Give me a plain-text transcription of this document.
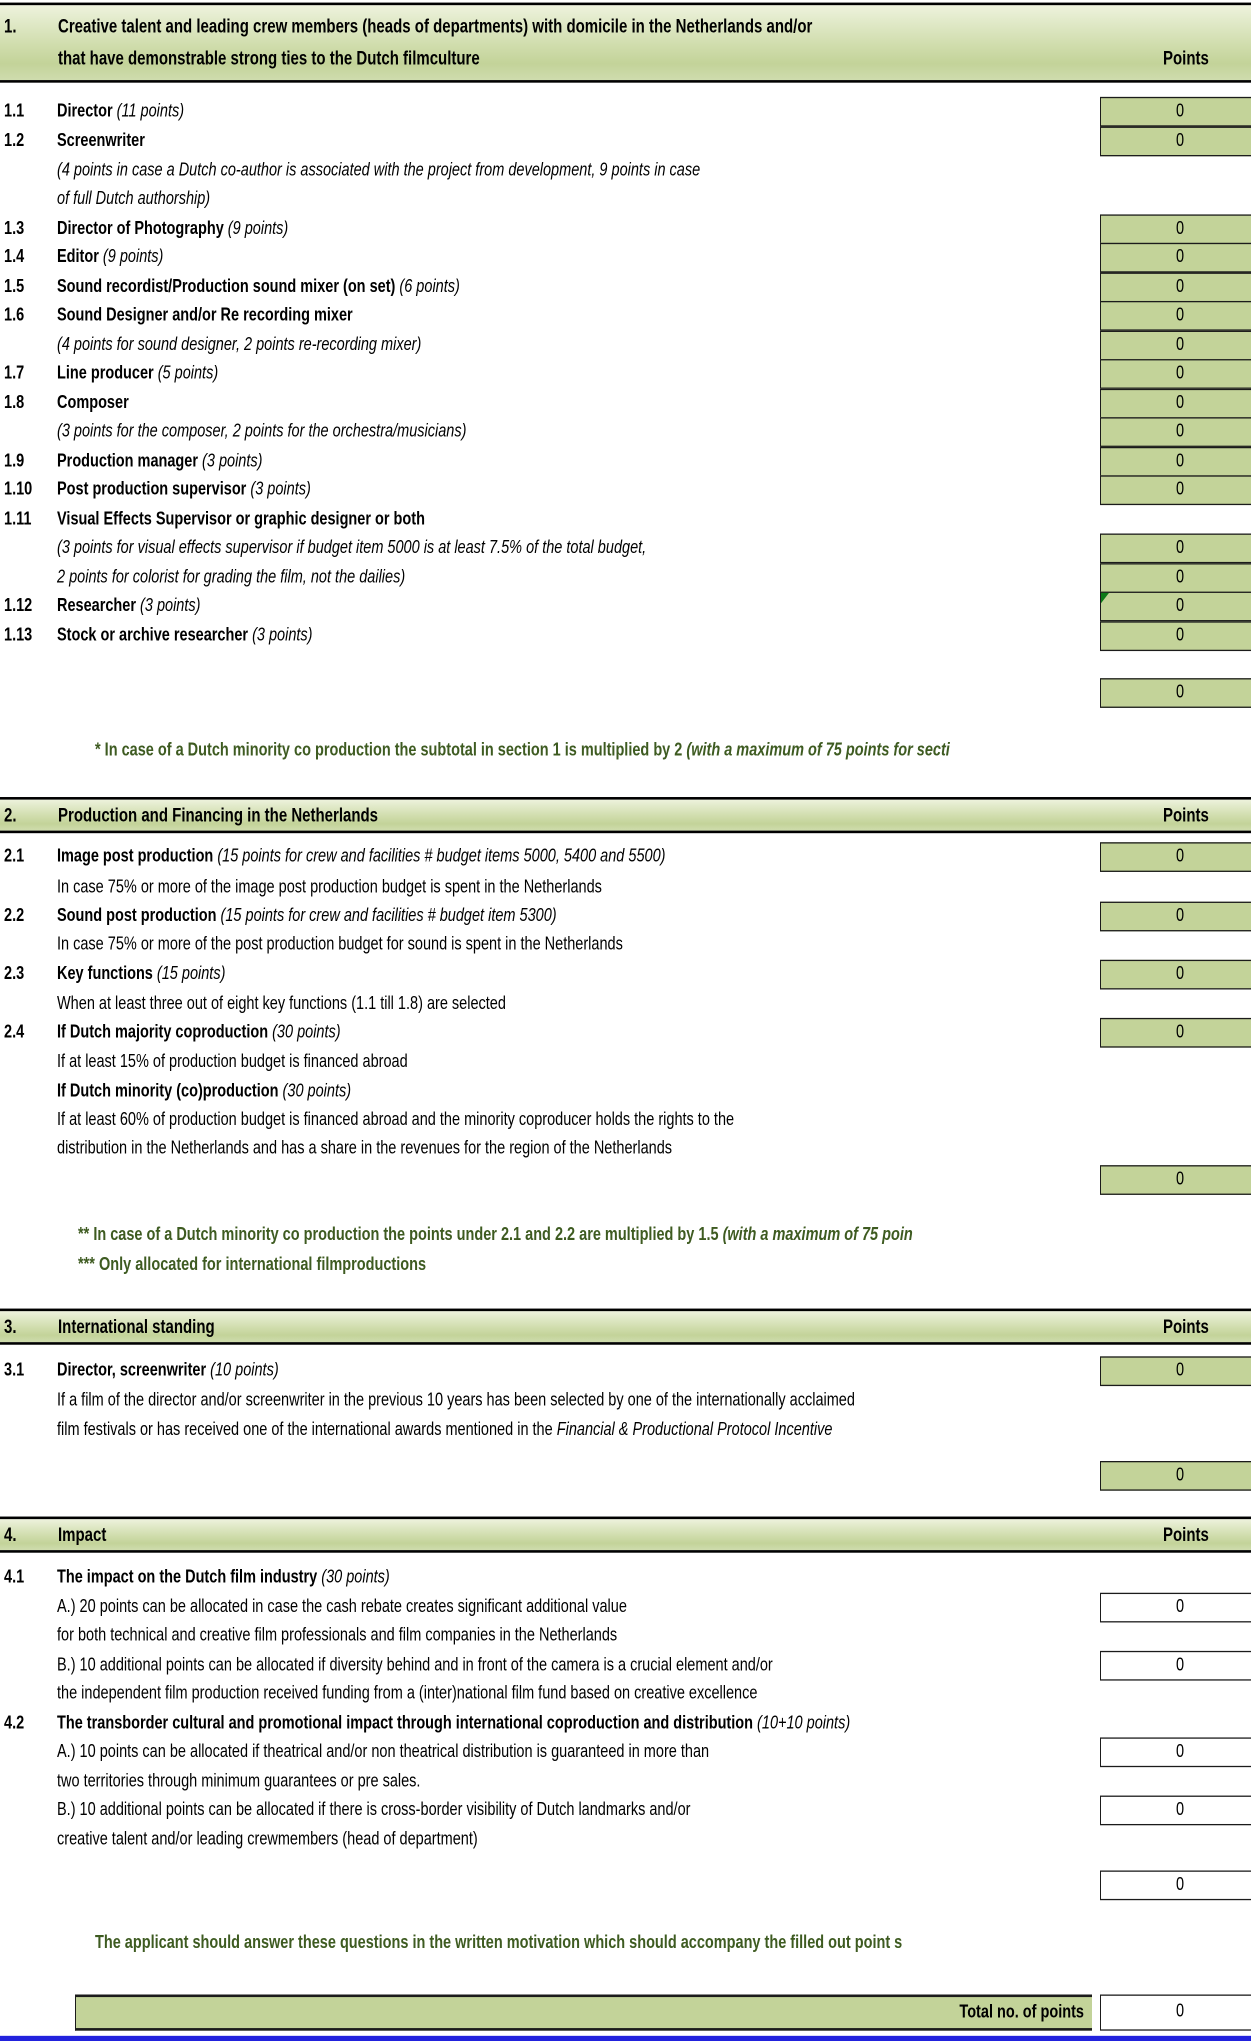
1.	Creative talent and leading crew members (heads of departments) with domicile in the Netherlands and/or
that have demonstrable strong ties to the Dutch filmculture	Points
1.1 Director (11 points)	0
1.2 Screenwriter	0
(4 points in case a Dutch co-author is associated with the project from development, 9 points in case
of full Dutch authorship)
1.3 Director of Photography (9 points)	0
1.4 Editor (9 points)	0
1.5 Sound recordist/Production sound mixer (on set) (6 points)	0
1.6 Sound Designer and/or Re recording mixer	0
(4 points for sound designer, 2 points re-recording mixer)	0
1.7 Line producer (5 points)	0
1.8 Composer	0
(3 points for the composer, 2 points for the orchestra/musicians)	0
1.9 Production manager (3 points)	0
1.10 Post production supervisor (3 points)	0
1.11 Visual Effects Supervisor or graphic designer or both
(3 points for visual effects supervisor if budget item 5000 is at least 7.5% of the total budget,	0
2 points for colorist for grading the film, not the dailies)	0
1.12 Researcher (3 points)	0
1.13 Stock or archive researcher (3 points)	0
0
* In case of a Dutch minority co production the subtotal in section 1 is multiplied by 2 (with a maximum of 75 points for secti
2.	Production and Financing in the Netherlands	Points
2.1 Image post production (15 points for crew and facilities # budget items 5000, 5400 and 5500)	0
In case 75% or more of the image post production budget is spent in the Netherlands
2.2 Sound post production (15 points for crew and facilities # budget item 5300)	0
In case 75% or more of the post production budget for sound is spent in the Netherlands
2.3 Key functions (15 points)	0
When at least three out of eight key functions (1.1 till 1.8) are selected
2.4 If Dutch majority coproduction (30 points)	0
If at least 15% of production budget is financed abroad
If Dutch minority (co)production (30 points)
If at least 60% of production budget is financed abroad and the minority coproducer holds the rights to the
distribution in the Netherlands and has a share in the revenues for the region of the Netherlands
0
** In case of a Dutch minority co production the points under 2.1 and 2.2 are multiplied by 1.5 (with a maximum of 75 poin
*** Only allocated for international filmproductions
3.	International standing	Points
3.1 Director, screenwriter (10 points)	0
If a film of the director and/or screenwriter in the previous 10 years has been selected by one of the internationally acclaimed
film festivals or has received one of the international awards mentioned in the Financial & Productional Protocol Incentive
0
4.	Impact	Points
4.1 The impact on the Dutch film industry (30 points)
A.) 20 points can be allocated in case the cash rebate creates significant additional value	0
for both technical and creative film professionals and film companies in the Netherlands
B.) 10 additional points can be allocated if diversity behind and in front of the camera is a crucial element and/or	0
the independent film production received funding from a (inter)national film fund based on creative excellence
4.2 The transborder cultural and promotional impact through international coproduction and distribution (10+10 points)
A.) 10 points can be allocated if theatrical and/or non theatrical distribution is guaranteed in more than	0
two territories through minimum guarantees or pre sales.
B.) 10 additional points can be allocated if there is cross-border visibility of Dutch landmarks and/or	0
creative talent and/or leading crewmembers (head of department)
0
The applicant should answer these questions in the written motivation which should accompany the filled out point s
Total no. of points	0
